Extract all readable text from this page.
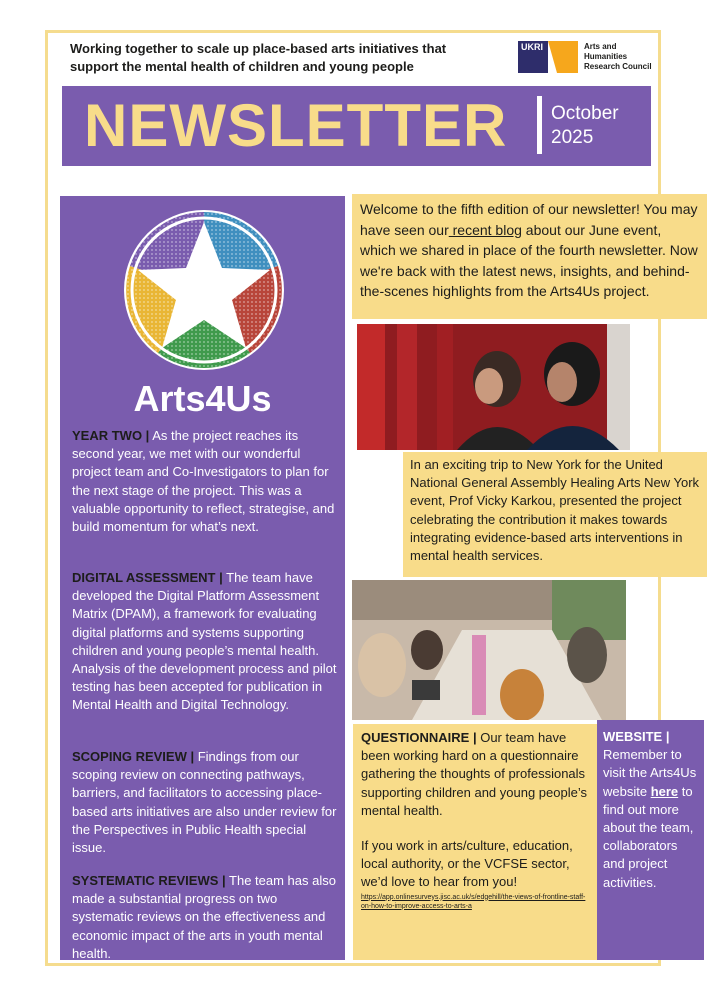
Working together to scale up place-based arts initiatives that support the mental health of children and young people
UKRI	Arts and Humanities Research Council
NEWSLETTER October
2025
Arts4Us
YEAR TWO | As the project reaches its second year, we met with our wonderful project team and Co-Investigators to plan for the next stage of the project. This was a valuable opportunity to reflect, strategise, and build momentum for what’s next.
DIGITAL ASSESSMENT | The team have developed the Digital Platform Assessment Matrix (DPAM), a framework for evaluating digital platforms and systems supporting children and young people’s mental health. Analysis of the development process and pilot testing has been accepted for publication in Mental Health and Digital Technology.
SCOPING REVIEW | Findings from our scoping review on connecting pathways, barriers, and facilitators to accessing place-based arts initiatives are also under review for the Perspectives in Public Health special issue.
SYSTEMATIC REVIEWS | The team has also made a substantial progress on two systematic reviews on the effectiveness and economic impact of the arts in youth mental health.
Welcome to the fifth edition of our newsletter! You may have seen our recent blog about our June event, which we shared in place of the fourth newsletter. Now we're back with the latest news, insights, and behind-the-scenes highlights from the Arts4Us project.
In an exciting trip to New York for the United National General Assembly Healing Arts New York event, Prof Vicky Karkou, presented the project celebrating the contribution it makes towards integrating evidence-based arts interventions in mental health services.
QUESTIONNAIRE | Our team have been working hard on a questionnaire gathering the thoughts of professionals supporting children and young people’s mental health.
If you work in arts/culture, education, local authority, or the VCFSE sector, we’d love to hear from you!
https://app.onlinesurveys.jisc.ac.uk/s/edgehill/the-views-of-frontline-staff-on-how-to-improve-access-to-arts-a
WEBSITE | Remember to visit the Arts4Us website here to find out more about the team, collaborators and project activities.
